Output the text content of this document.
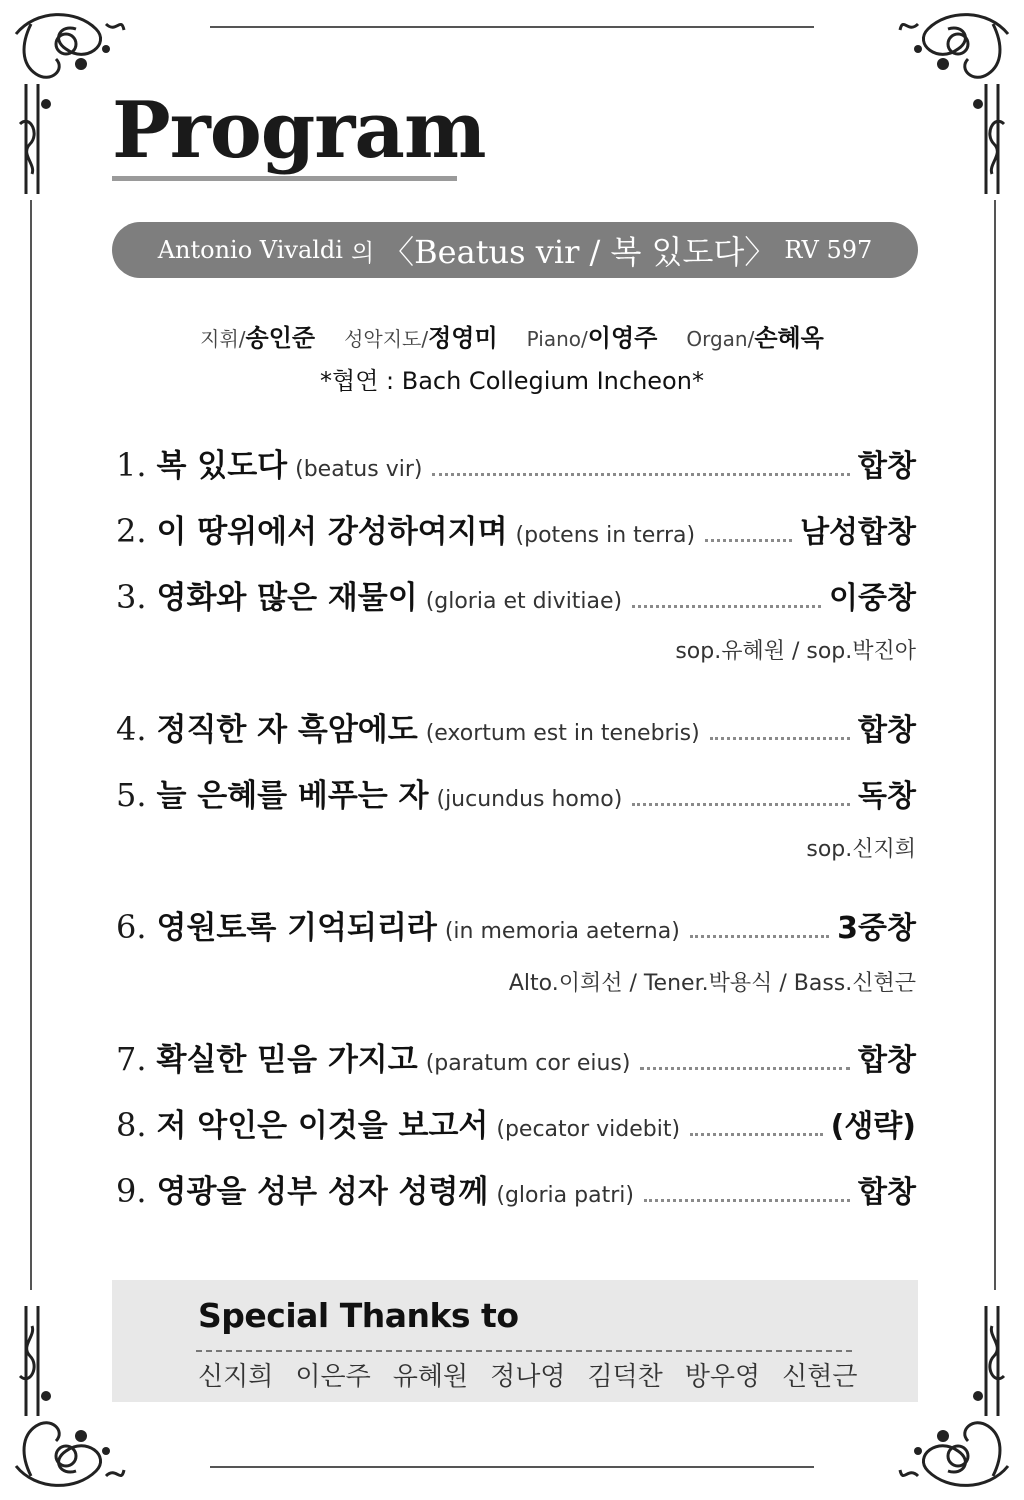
Program
Antonio Vivaldi 의 〈Beatus vir / 복 있도다〉 RV 597
지휘/송인준 성악지도/정영미 Piano/이영주 Organ/손혜옥
*협연 : Bach Collegium Incheon*
1. 복 있도다 (beatus vir)	합창
2. 이 땅위에서 강성하여지며 (potens in terra)	남성합창
3. 영화와 많은 재물이 (gloria et divitiae)	이중창
sop.유혜원 / sop.박진아
4. 정직한 자 흑암에도 (exortum est in tenebris)	합창
5. 늘 은혜를 베푸는 자 (jucundus homo)	독창
sop.신지희
6. 영원토록 기억되리라 (in memoria aeterna)	3중창
Alto.이희선 / Tener.박용식 / Bass.신현근
7. 확실한 믿음 가지고 (paratum cor eius)	합창
8. 저 악인은 이것을 보고서 (pecator videbit)	(생략)
9. 영광을 성부 성자 성령께 (gloria patri)	합창
Special Thanks to
신지희 이은주 유혜원 정나영 김덕찬 방우영 신현근
